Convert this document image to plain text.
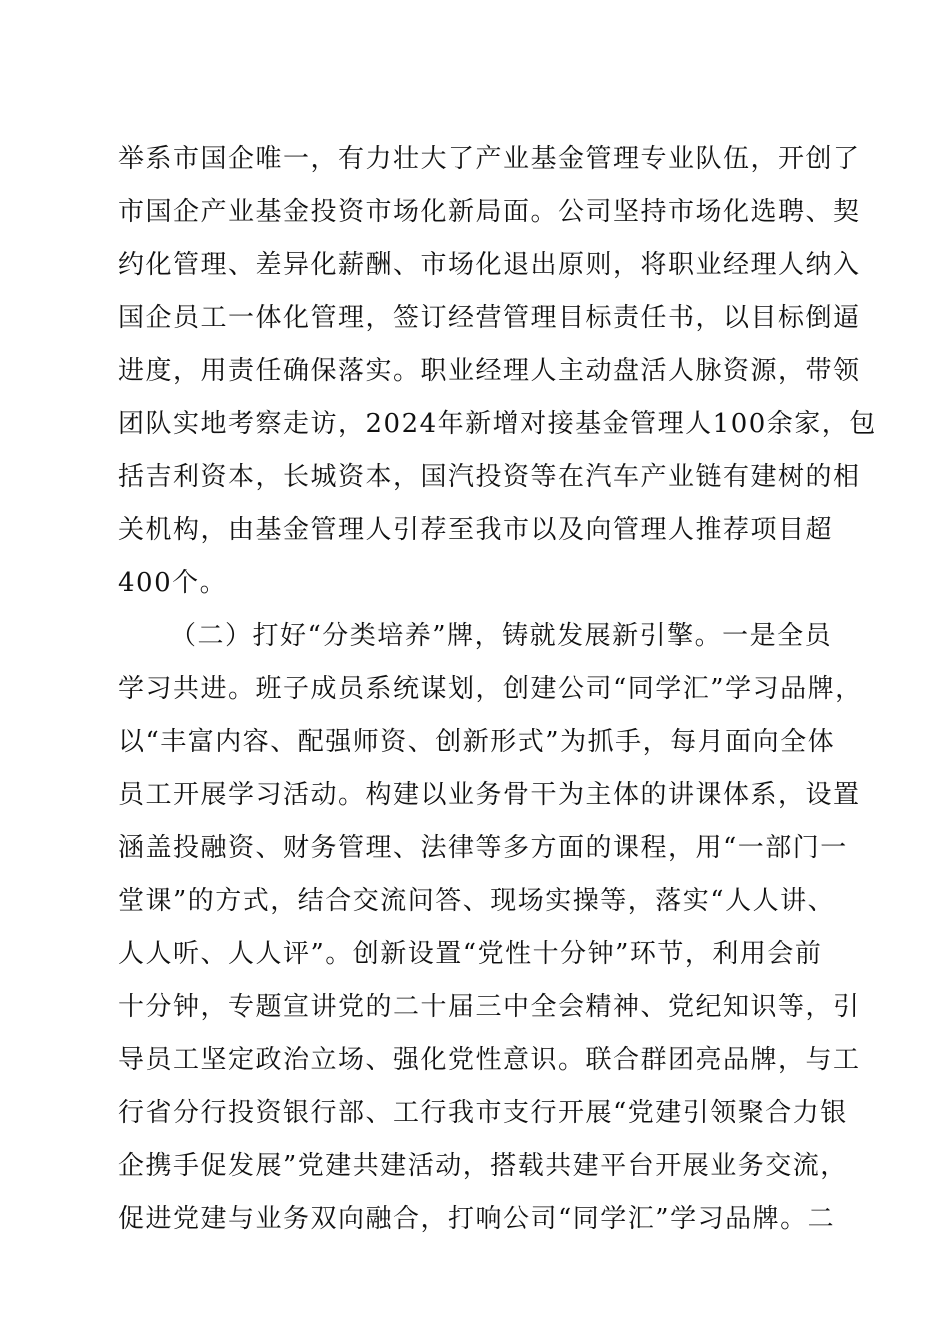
举系市国企唯一，有力壮大了产业基金管理专业队伍，开创了
市国企产业基金投资市场化新局面。公司坚持市场化选聘、契
约化管理、差异化薪酬、市场化退出原则，将职业经理人纳入
国企员工一体化管理，签订经营管理目标责任书，以目标倒逼
进度，用责任确保落实。职业经理人主动盘活人脉资源，带领
团队实地考察走访，2024年新增对接基金管理人100余家，包
括吉利资本，长城资本，国汽投资等在汽车产业链有建树的相
关机构，由基金管理人引荐至我市以及向管理人推荐项目超
400个。
（二）打好“分类培养”牌，铸就发展新引擎。一是全员
学习共进。班子成员系统谋划，创建公司“同学汇”学习品牌，
以“丰富内容、配强师资、创新形式”为抓手，每月面向全体
员工开展学习活动。构建以业务骨干为主体的讲课体系，设置
涵盖投融资、财务管理、法律等多方面的课程，用“一部门一
堂课”的方式，结合交流问答、现场实操等，落实“人人讲、
人人听、人人评”。创新设置“党性十分钟”环节，利用会前
十分钟，专题宣讲党的二十届三中全会精神、党纪知识等，引
导员工坚定政治立场、强化党性意识。联合群团亮品牌，与工
行省分行投资银行部、工行我市支行开展“党建引领聚合力银
企携手促发展”党建共建活动，搭载共建平台开展业务交流，
促进党建与业务双向融合，打响公司“同学汇”学习品牌。二
